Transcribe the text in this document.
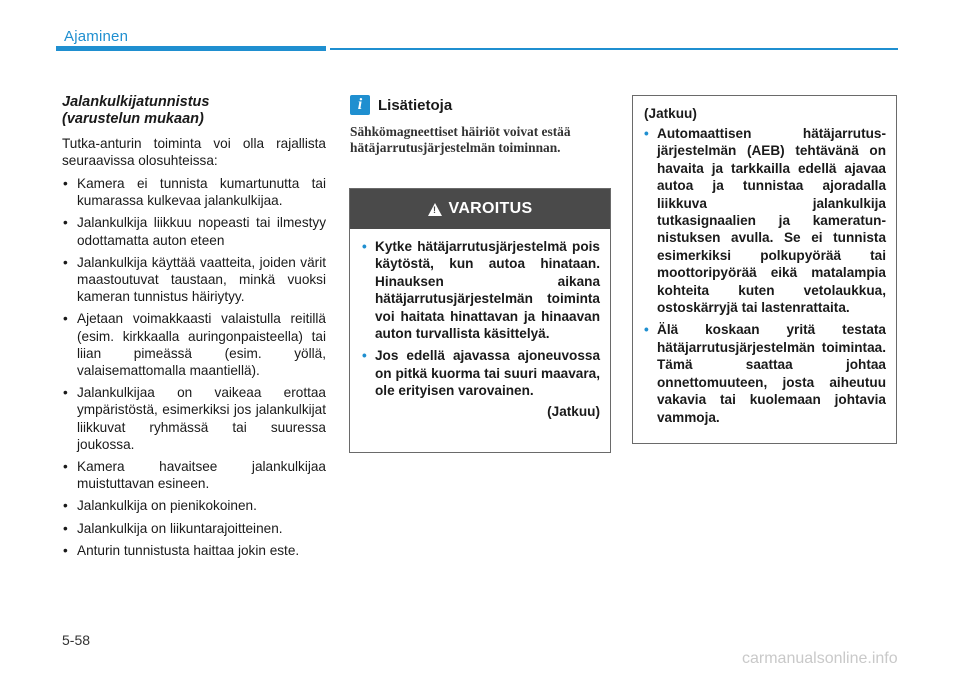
Ajaminen
Jalankulkijatunnistus
(varustelun mukaan)

Tutka-anturin toiminta voi olla rajallista seuraavissa olosuhteissa:

• Kamera ei tunnista kumartunutta tai kumarassa kulkevaa jalankulkijaa.
• Jalankulkija liikkuu nopeasti tai ilmestyy odottamatta auton eteen
• Jalankulkija käyttää vaatteita, joiden värit maastoutuvat taustaan, minkä vuoksi kameran tunnistus häiriytyy.
• Ajetaan voimakkaasti valaistulla reitillä (esim. kirkkaalla auringonpaisteella) tai liian pimeässä (esim. yöllä, valaisemattomalla maantiellä).
• Jalankulkijaa on vaikeaa erottaa ympäristöstä, esimerkiksi jos jalankulkijat liikkuvat ryhmässä tai suuressa joukossa.
• Kamera havaitsee jalankulkijaa muistuttavan esineen.
• Jalankulkija on pienikokoinen.
• Jalankulkija on liikuntarajoitteinen.
• Anturin tunnistusta haittaa jokin este.
i	Lisätietoja

Sähkömagneettiset häiriöt voivat estää hätäjarrutusjärjestelmän toiminnan.

! VAROITUS
• Kytke hätäjarrutusjärjestelmä pois käytöstä, kun autoa hinataan. Hinauksen aikana hätäjarrutusjärjestelmän toiminta voi haitata hinattavan ja hinaavan auton turvallista käsittelyä.
• Jos edellä ajavassa ajoneuvossa on pitkä kuorma tai suuri maavara, ole erityisen varovainen.
(Jatkuu)
(Jatkuu)
• Automaattisen hätäjarrutusjärjestelmän (AEB) tehtävänä on havaita ja tarkkailla edellä ajavaa autoa ja tunnistaa ajoradalla liikkuva jalankulkija tutkasignaalien ja kameratunnistuksen avulla. Se ei tunnista esimerkiksi polkupyörää tai moottoripyörää eikä matalampia kohteita kuten vetolaukkua, ostoskärryjä tai lastenrattaita.
• Älä koskaan yritä testata hätäjarrutusjärjestelmän toimintaa. Tämä saattaa johtaa onnettomuuteen, josta aiheutuu vakavia tai kuolemaan johtavia vammoja.
5-58
carmanualsonline.info
